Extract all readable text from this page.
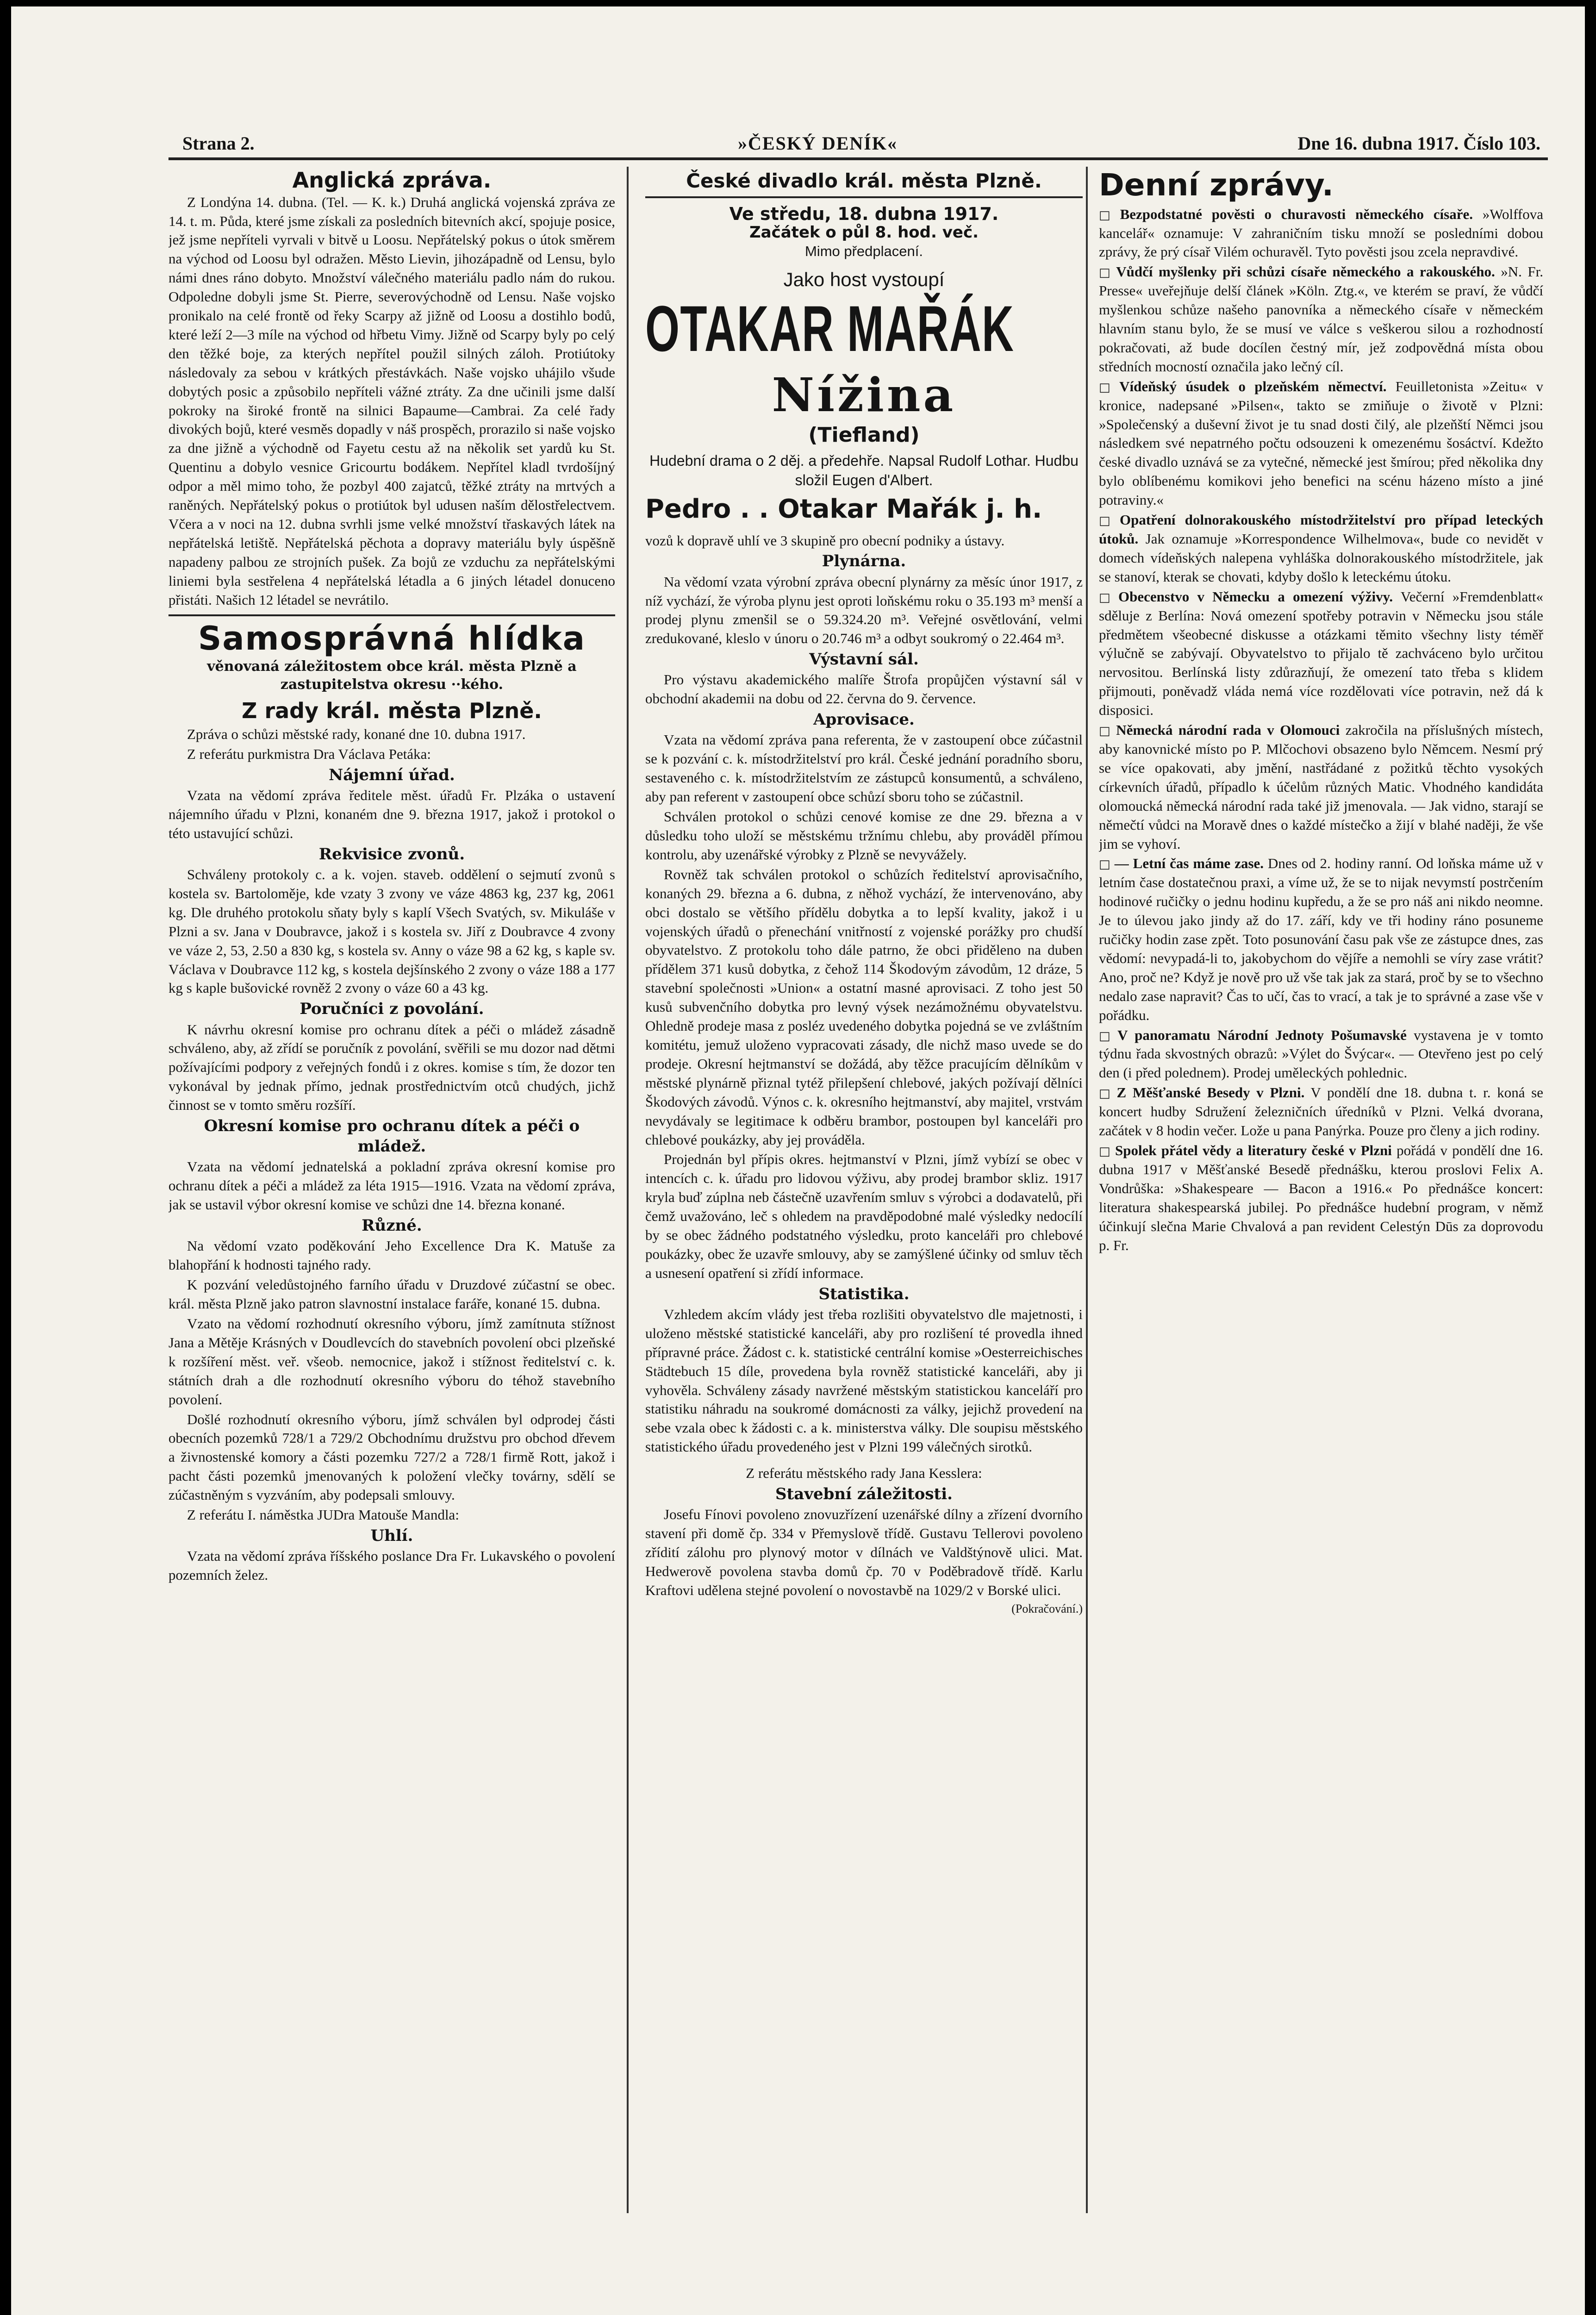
Strana 2.	»ČESKÝ DENÍK«	Dne 16. dubna 1917. Číslo 103.
Anglická zpráva.

Z Londýna 14. dubna. (Tel. — K. k.) Druhá anglická vojenská zpráva ze 14. t. m. Půda, které jsme získali za posledních bitevních akcí, spojuje posice, jež jsme nepříteli vyrvali v bitvě u Loosu. Nepřátelský pokus o útok směrem na východ od Loosu byl odražen. Město Lievin, jihozápadně od Lensu, bylo námi dnes ráno dobyto. Množství válečného materiálu padlo nám do rukou. Odpoledne dobyli jsme St. Pierre, severovýchodně od Lensu. Naše vojsko pronikalo na celé frontě od řeky Scarpy až jižně od Loosu a dostihlo bodů, které leží 2—3 míle na východ od hřbetu Vimy. Jižně od Scarpy byly po celý den těžké boje, za kterých nepřítel použil silných záloh. Protiútoky následovaly za sebou v krátkých přestávkách. Naše vojsko uhájilo všude dobytých posic a způsobilo nepříteli vážné ztráty. Za dne učinili jsme další pokroky na široké frontě na silnici Bapaume—Cambrai. Za celé řady divokých bojů, které vesměs dopadly v náš prospěch, prorazilo si naše vojsko za dne jižně a východně od Fayetu cestu až na několik set yardů ku St. Quentinu a dobylo vesnice Gricourtu bodákem. Nepřítel kladl tvrdošíjný odpor a měl mimo toho, že pozbyl 400 zajatců, těžké ztráty na mrtvých a raněných. Nepřátelský pokus o protiútok byl udusen naším dělostřelectvem. Včera a v noci na 12. dubna svrhli jsme velké množství třaskavých látek na nepřátelská letiště. Nepřátelská pěchota a dopravy materiálu byly úspěšně napadeny palbou ze strojních pušek. Za bojů ze vzduchu za nepřátelskými liniemi byla sestřelena 4 nepřátelská létadla a 6 jiných létadel donuceno přistáti. Našich 12 létadel se nevrátilo.

Samosprávná hlídka
věnovaná záležitostem obce král. města Plzně a zastupitelstva okresu ··kého.
Z rady král. města Plzně.

Zpráva o schůzi městské rady, konané dne 10. dubna 1917.

Z referátu purkmistra Dra Václava Petáka:

Nájemní úřad.

Vzata na vědomí zpráva ředitele měst. úřadů Fr. Plzáka o ustavení nájemního úřadu v Plzni, konaném dne 9. března 1917, jakož i protokol o této ustavující schůzi.

Rekvisice zvonů.

Schváleny protokoly c. a k. vojen. staveb. oddělení o sejmutí zvonů s kostela sv. Bartoloměje, kde vzaty 3 zvony ve váze 4863 kg, 237 kg, 2061 kg. Dle druhého protokolu sňaty byly s kaplí Všech Svatých, sv. Mikuláše v Plzni a sv. Jana v Doubravce, jakož i s kostela sv. Jiří z Doubravce 4 zvony ve váze 2, 53, 2.50 a 830 kg, s kostela sv. Anny o váze 98 a 62 kg, s kaple sv. Václava v Doubravce 112 kg, s kostela dejšínského 2 zvony o váze 188 a 177 kg s kaple bušovické rovněž 2 zvony o váze 60 a 43 kg.

Poručníci z povolání.

K návrhu okresní komise pro ochranu dítek a péči o mládež zásadně schváleno, aby, až zřídí se poručník z povolání, svěřili se mu dozor nad dětmi požívajícími podpory z veřejných fondů i z okres. komise s tím, že dozor ten vykonával by jednak přímo, jednak prostřednictvím otců chudých, jichž činnost se v tomto směru rozšíří.

Okresní komise pro ochranu dítek a péči o mládež.

Vzata na vědomí jednatelská a pokladní zpráva okresní komise pro ochranu dítek a péči a mládež za léta 1915—1916. Vzata na vědomí zpráva, jak se ustavil výbor okresní komise ve schůzi dne 14. března konané.

Různé.

Na vědomí vzato poděkování Jeho Excellence Dra K. Matuše za blahopřání k hodnosti tajného rady.

K pozvání veledůstojného farního úřadu v Druzdové zúčastní se obec. král. města Plzně jako patron slavnostní instalace faráře, konané 15. dubna.

Vzato na vědomí rozhodnutí okresního výboru, jímž zamítnuta stížnost Jana a Mětěje Krásných v Doudlevcích do stavebních povolení obci plzeňské k rozšíření měst. veř. všeob. nemocnice, jakož i stížnost ředitelství c. k. státních drah a dle rozhodnutí okresního výboru do téhož stavebního povolení.

Došlé rozhodnutí okresního výboru, jímž schválen byl odprodej části obecních pozemků 728/1 a 729/2 Obchodnímu družstvu pro obchod dřevem a živnostenské komory a části pozemku 727/2 a 728/1 firmě Rott, jakož i pacht části pozemků jmenovaných k položení vlečky továrny, sdělí se zúčastněným s vyzváním, aby podepsali smlouvy.

Z referátu I. náměstka JUDra Matouše Mandla:

Uhlí.

Vzata na vědomí zpráva říšského poslance Dra Fr. Lukavského o povolení pozemních želez.

České divadlo král. města Plzně.
Ve středu, 18. dubna 1917.
Začátek o půl 8. hod. več.

Mimo předplacení.

Jako host vystoupí

OTAKAR MAŘÁK
Nížina
(Tiefland)

Hudební drama o 2 děj. a předehře. Napsal Rudolf Lothar. Hudbu složil Eugen d'Albert.

Pedro . . Otakar Mařák j. h.

vozů k dopravě uhlí ve 3 skupině pro obecní podniky a ústavy.

Plynárna.

Na vědomí vzata výrobní zpráva obecní plynárny za měsíc únor 1917, z níž vychází, že výroba plynu jest oproti loňskému roku o 35.193 m³ menší a prodej plynu zmenšil se o 59.324.20 m³. Veřejné osvětlování, velmi zredukované, kleslo v únoru o 20.746 m³ a odbyt soukromý o 22.464 m³.

Výstavní sál.

Pro výstavu akademického malíře Štrofa propůjčen výstavní sál v obchodní akademii na dobu od 22. června do 9. července.

Aprovisace.

Vzata na vědomí zpráva pana referenta, že v zastoupení obce zúčastnil se k pozvání c. k. místodržitelství pro král. České jednání poradního sboru, sestaveného c. k. místodržitelstvím ze zástupců konsumentů, a schváleno, aby pan referent v zastoupení obce schůzí sboru toho se zúčastnil.

Schválen protokol o schůzi cenové komise ze dne 29. března a v důsledku toho uloží se městskému tržnímu chlebu, aby prováděl přímou kontrolu, aby uzenářské výrobky z Plzně se nevyvážely.

Rovněž tak schválen protokol o schůzích ředitelství aprovisačního, konaných 29. března a 6. dubna, z něhož vychází, že intervenováno, aby obci dostalo se většího přídělu dobytka a to lepší kvality, jakož i u vojenských úřadů o přenechání vnitřností z vojenské porážky pro chudší obyvatelstvo. Z protokolu toho dále patrno, že obci přiděleno na duben přídělem 371 kusů dobytka, z čehož 114 Škodovým závodům, 12 dráze, 5 stavební společnosti »Union« a ostatní masné aprovisaci. Z toho jest 50 kusů subvenčního dobytka pro levný výsek nezámožnému obyvatelstvu. Ohledně prodeje masa z posléz uvedeného dobytka pojedná se ve zvláštním komitétu, jemuž uloženo vypracovati zásady, dle nichž maso uvede se do prodeje. Okresní hejtmanství se dožádá, aby těžce pracujícím dělníkům v městské plynárně přiznal tytéž přilepšení chlebové, jakých požívají dělníci Škodových závodů. Výnos c. k. okresního hejtmanství, aby majitel, vrstvám nevydávaly se legitimace k odběru brambor, postoupen byl kanceláři pro chlebové poukázky, aby jej prováděla.

Projednán byl přípis okres. hejtmanství v Plzni, jímž vybízí se obec v intencích c. k. úřadu pro lidovou výživu, aby prodej brambor skliz. 1917 kryla buď zúplna neb částečně uzavřením smluv s výrobci a dodavatelů, při čemž uvažováno, leč s ohledem na pravděpodobné malé výsledky nedocílí by se obec žádného podstatného výsledku, proto kanceláři pro chlebové poukázky, obec že uzavře smlouvy, aby se zamýšlené účinky od smluv těch a usnesení opatření si zřídí informace.

Statistika.

Vzhledem akcím vlády jest třeba rozlišiti obyvatelstvo dle majetnosti, i uloženo městské statistické kanceláři, aby pro rozlišení té provedla ihned přípravné práce. Žádost c. k. statistické centrální komise »Oesterreichisches Städtebuch 15 díle, provedena byla rovněž statistické kanceláři, aby ji vyhověla. Schváleny zásady navržené městským statistickou kanceláří pro statistiku náhradu na soukromé domácnosti za války, jejichž provedení na sebe vzala obec k žádosti c. a k. ministerstva války. Dle soupisu městského statistického úřadu provedeného jest v Plzni 199 válečných sirotků.

Z referátu městského rady Jana Kesslera:

Stavební záležitosti.

Josefu Fínovi povoleno znovuzřízení uzenářské dílny a zřízení dvorního stavení při domě čp. 334 v Přemyslově třídě. Gustavu Tellerovi povoleno zřídití zálohu pro plynový motor v dílnách ve Valdštýnově ulici. Mat. Hedwerově povolena stavba domů čp. 70 v Poděbradově třídě. Karlu Kraftovi udělena stejné povolení o novostavbě na 1029/2 v Borské ulici.

(Pokračování.)

Denní zprávy.

□ Bezpodstatné pověsti o churavosti německého císaře. »Wolffova kancelář« oznamuje: V zahraničním tisku množí se posledními dobou zprávy, že prý císař Vilém ochuravěl. Tyto pověsti jsou zcela nepravdivé.

□ Vůdčí myšlenky při schůzi císaře německého a rakouského. »N. Fr. Presse« uveřejňuje delší článek »Köln. Ztg.«, ve kterém se praví, že vůdčí myšlenkou schůze našeho panovníka a německého císaře v německém hlavním stanu bylo, že se musí ve válce s veškerou silou a rozhodností pokračovati, až bude docílen čestný mír, jež zodpovědná místa obou středních mocností označila jako lečný cíl.

□ Vídeňský úsudek o plzeňském němectví. Feuilletonista »Zeitu« v kronice, nadepsané »Pilsen«, takto se zmiňuje o životě v Plzni: »Společenský a duševní život je tu snad dosti čilý, ale plzeňští Němci jsou následkem své nepatrného počtu odsouzeni k omezenému šosáctví. Kdežto české divadlo uznává se za vytečné, německé jest šmírou; před několika dny bylo oblíbenému komikovi jeho benefici na scénu házeno místo a jiné potraviny.«

□ Opatření dolnorakouského místodržitelství pro případ leteckých útoků. Jak oznamuje »Korrespondence Wilhelmova«, bude co nevidět v domech vídeňských nalepena vyhláška dolnorakouského místodržitele, jak se stanoví, kterak se chovati, kdyby došlo k leteckému útoku.

□ Obecenstvo v Německu a omezení výživy. Večerní »Fremdenblatt« sděluje z Berlína: Nová omezení spotřeby potravin v Německu jsou stále předmětem všeobecné diskusse a otázkami těmito všechny listy téměř výlučně se zabývají. Obyvatelstvo to přijalo tě zachváceno bylo určitou nervositou. Berlínská listy zdůrazňují, že omezení tato třeba s klidem přijmouti, poněvadž vláda nemá více rozdělovati více potravin, než dá k disposici.

□ Německá národní rada v Olomouci zakročila na příslušných místech, aby kanovnické místo po P. Mlčochovi obsazeno bylo Němcem. Nesmí prý se více opakovati, aby jmění, nastřádané z požitků těchto vysokých církevních úřadů, případlo k účelům různých Matic. Vhodného kandidáta olomoucká německá národní rada také již jmenovala. — Jak vidno, starají se němečtí vůdci na Moravě dnes o každé místečko a žijí v blahé naději, že vše jim se vyhoví.

□ — Letní čas máme zase. Dnes od 2. hodiny ranní. Od loňska máme už v letním čase dostatečnou praxi, a víme už, že se to nijak nevymstí postrčením hodinové ručičky o jednu hodinu kupředu, a že se pro náš ani nikdo neomne. Je to úlevou jako jindy až do 17. září, kdy ve tři hodiny ráno posuneme ručičky hodin zase zpět. Toto posunování času pak vše ze zástupce dnes, zas vědomí: nevypadá-li to, jakobychom do vějíře a nemohli se víry zase vrátit? Ano, proč ne? Když je nově pro už vše tak jak za stará, proč by se to všechno nedalo zase napravit? Čas to učí, čas to vrací, a tak je to správné a zase vše v pořádku.

□ V panoramatu Národní Jednoty Pošumavské vystavena je v tomto týdnu řada skvostných obrazů: »Výlet do Švýcar«. — Otevřeno jest po celý den (i před polednem). Prodej uměleckých pohlednic.

□ Z Měšťanské Besedy v Plzni. V pondělí dne 18. dubna t. r. koná se koncert hudby Sdružení železničních úředníků v Plzni. Velká dvorana, začátek v 8 hodin večer. Lože u pana Panýrka. Pouze pro členy a jich rodiny.

□ Spolek přátel vědy a literatury české v Plzni pořádá v pondělí dne 16. dubna 1917 v Měšťanské Besedě přednášku, kterou proslovi Felix A. Vondrůška: »Shakespeare — Bacon a 1916.« Po přednášce koncert: literatura shakespearská jubilej. Po přednášce hudební program, v němž účinkují slečna Marie Chvalová a pan revident Celestýn Dūs za doprovodu p. Fr.
